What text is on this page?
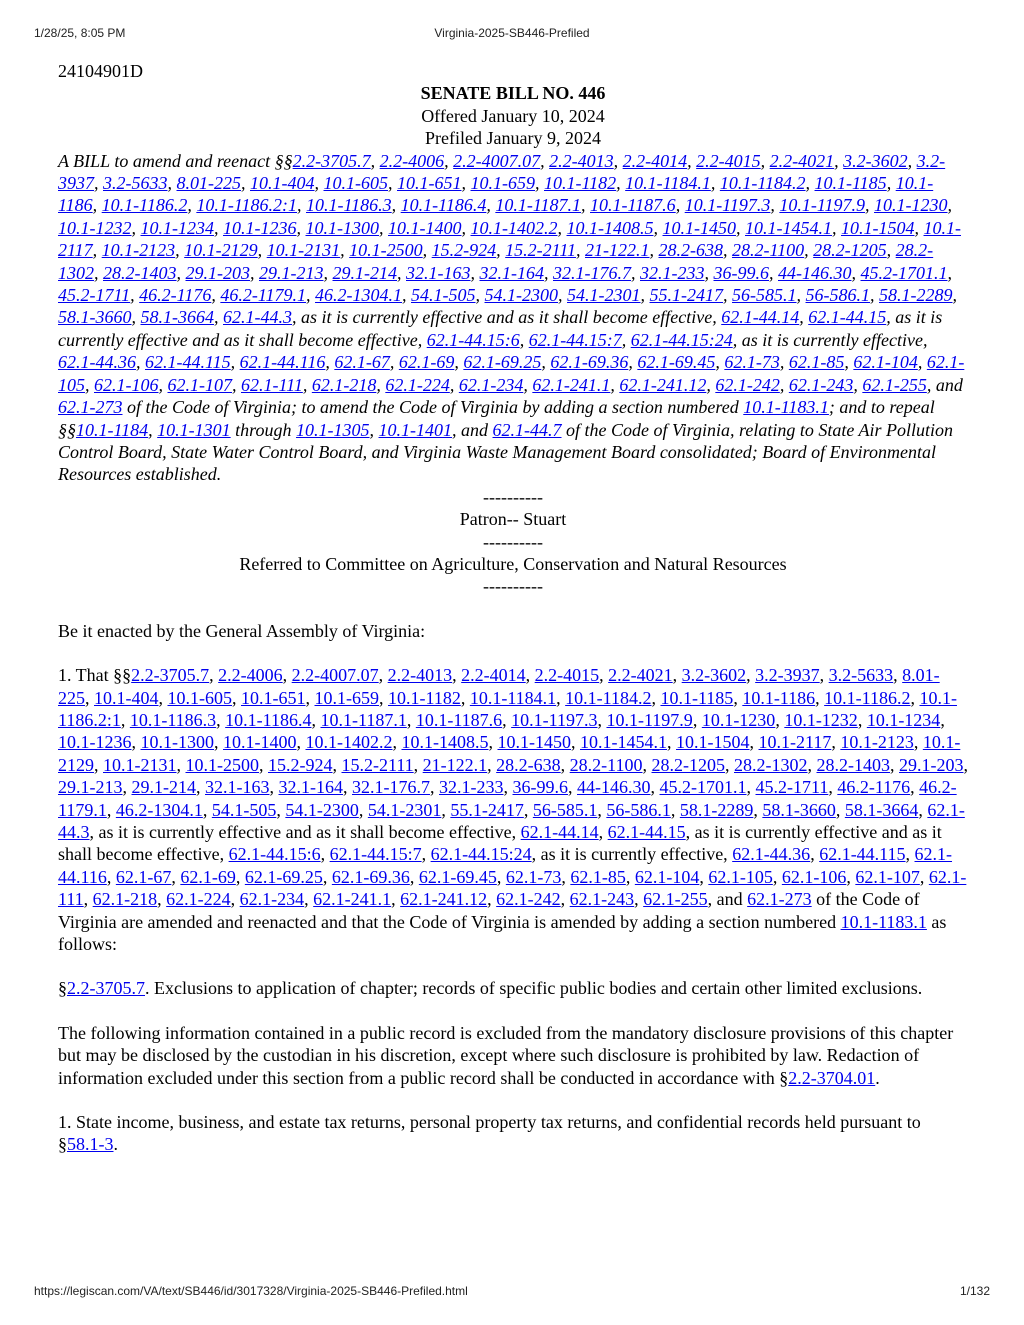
1/28/25, 8:05 PM	Virginia-2025-SB446-Prefiled

24104901D

SENATE BILL NO. 446

Offered January 10, 2024

Prefiled January 9, 2024

A BILL to amend and reenact §§2.2-3705.7, 2.2-4006, 2.2-4007.07, 2.2-4013, 2.2-4014, 2.2-4015, 2.2-4021, 3.2-3602, 3.2-3937, 3.2-5633, 8.01-225, 10.1-404, 10.1-605, 10.1-651, 10.1-659, 10.1-1182, 10.1-1184.1, 10.1-1184.2, 10.1-1185, 10.1-1186, 10.1-1186.2, 10.1-1186.2:1, 10.1-1186.3, 10.1-1186.4, 10.1-1187.1, 10.1-1187.6, 10.1-1197.3, 10.1-1197.9, 10.1-1230, 10.1-1232, 10.1-1234, 10.1-1236, 10.1-1300, 10.1-1400, 10.1-1402.2, 10.1-1408.5, 10.1-1450, 10.1-1454.1, 10.1-1504, 10.1-2117, 10.1-2123, 10.1-2129, 10.1-2131, 10.1-2500, 15.2-924, 15.2-2111, 21-122.1, 28.2-638, 28.2-1100, 28.2-1205, 28.2-1302, 28.2-1403, 29.1-203, 29.1-213, 29.1-214, 32.1-163, 32.1-164, 32.1-176.7, 32.1-233, 36-99.6, 44-146.30, 45.2-1701.1, 45.2-1711, 46.2-1176, 46.2-1179.1, 46.2-1304.1, 54.1-505, 54.1-2300, 54.1-2301, 55.1-2417, 56-585.1, 56-586.1, 58.1-2289, 58.1-3660, 58.1-3664, 62.1-44.3, as it is currently effective and as it shall become effective, 62.1-44.14, 62.1-44.15, as it is currently effective and as it shall become effective, 62.1-44.15:6, 62.1-44.15:7, 62.1-44.15:24, as it is currently effective, 62.1-44.36, 62.1-44.115, 62.1-44.116, 62.1-67, 62.1-69, 62.1-69.25, 62.1-69.36, 62.1-69.45, 62.1-73, 62.1-85, 62.1-104, 62.1-105, 62.1-106, 62.1-107, 62.1-111, 62.1-218, 62.1-224, 62.1-234, 62.1-241.1, 62.1-241.12, 62.1-242, 62.1-243, 62.1-255, and 62.1-273 of the Code of Virginia; to amend the Code of Virginia by adding a section numbered 10.1-1183.1; and to repeal §§10.1-1184, 10.1-1301 through 10.1-1305, 10.1-1401, and 62.1-44.7 of the Code of Virginia, relating to State Air Pollution Control Board, State Water Control Board, and Virginia Waste Management Board consolidated; Board of Environmental Resources established.

----------

Patron-- Stuart

----------

Referred to Committee on Agriculture, Conservation and Natural Resources

----------

Be it enacted by the General Assembly of Virginia:

1. That §§2.2-3705.7, 2.2-4006, 2.2-4007.07, 2.2-4013, 2.2-4014, 2.2-4015, 2.2-4021, 3.2-3602, 3.2-3937, 3.2-5633, 8.01-225, 10.1-404, 10.1-605, 10.1-651, 10.1-659, 10.1-1182, 10.1-1184.1, 10.1-1184.2, 10.1-1185, 10.1-1186, 10.1-1186.2, 10.1-1186.2:1, 10.1-1186.3, 10.1-1186.4, 10.1-1187.1, 10.1-1187.6, 10.1-1197.3, 10.1-1197.9, 10.1-1230, 10.1-1232, 10.1-1234, 10.1-1236, 10.1-1300, 10.1-1400, 10.1-1402.2, 10.1-1408.5, 10.1-1450, 10.1-1454.1, 10.1-1504, 10.1-2117, 10.1-2123, 10.1-2129, 10.1-2131, 10.1-2500, 15.2-924, 15.2-2111, 21-122.1, 28.2-638, 28.2-1100, 28.2-1205, 28.2-1302, 28.2-1403, 29.1-203, 29.1-213, 29.1-214, 32.1-163, 32.1-164, 32.1-176.7, 32.1-233, 36-99.6, 44-146.30, 45.2-1701.1, 45.2-1711, 46.2-1176, 46.2-1179.1, 46.2-1304.1, 54.1-505, 54.1-2300, 54.1-2301, 55.1-2417, 56-585.1, 56-586.1, 58.1-2289, 58.1-3660, 58.1-3664, 62.1-44.3, as it is currently effective and as it shall become effective, 62.1-44.14, 62.1-44.15, as it is currently effective and as it shall become effective, 62.1-44.15:6, 62.1-44.15:7, 62.1-44.15:24, as it is currently effective, 62.1-44.36, 62.1-44.115, 62.1-44.116, 62.1-67, 62.1-69, 62.1-69.25, 62.1-69.36, 62.1-69.45, 62.1-73, 62.1-85, 62.1-104, 62.1-105, 62.1-106, 62.1-107, 62.1-111, 62.1-218, 62.1-224, 62.1-234, 62.1-241.1, 62.1-241.12, 62.1-242, 62.1-243, 62.1-255, and 62.1-273 of the Code of Virginia are amended and reenacted and that the Code of Virginia is amended by adding a section numbered 10.1-1183.1 as follows:

§2.2-3705.7. Exclusions to application of chapter; records of specific public bodies and certain other limited exclusions.

The following information contained in a public record is excluded from the mandatory disclosure provisions of this chapter but may be disclosed by the custodian in his discretion, except where such disclosure is prohibited by law. Redaction of information excluded under this section from a public record shall be conducted in accordance with §2.2-3704.01.

1. State income, business, and estate tax returns, personal property tax returns, and confidential records held pursuant to §58.1-3.

https://legiscan.com/VA/text/SB446/id/3017328/Virginia-2025-SB446-Prefiled.html	1/132
